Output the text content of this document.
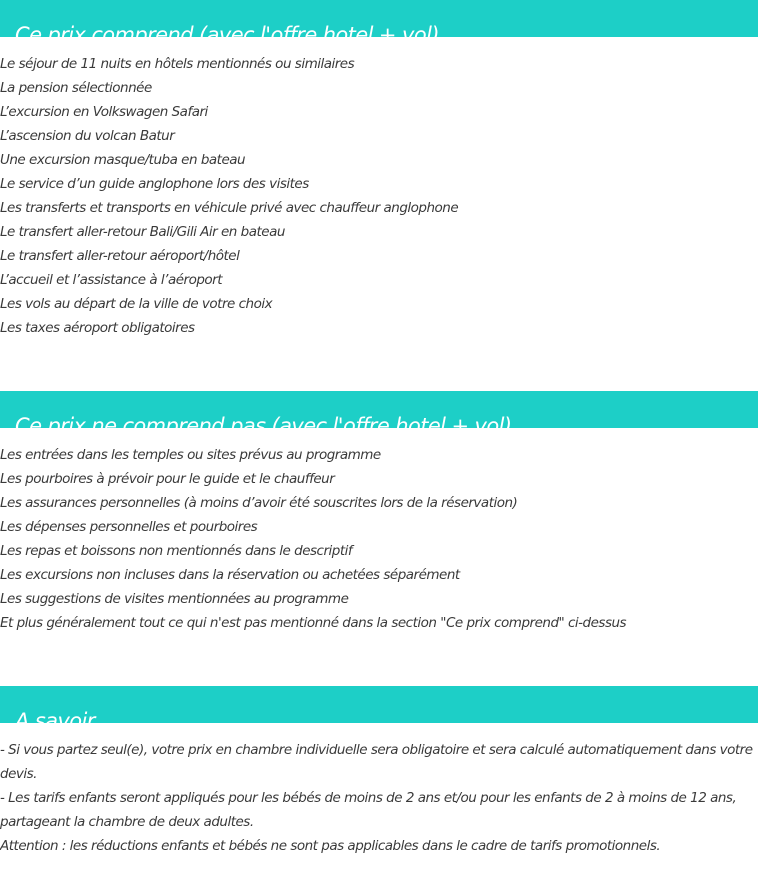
Ce prix comprend (avec l'offre hotel + vol)
Le séjour de 11 nuits en hôtels mentionnés ou similaires
La pension sélectionnée
L’excursion en Volkswagen Safari
L’ascension du volcan Batur
Une excursion masque/tuba en bateau
Le service d’un guide anglophone lors des visites
Les transferts et transports en véhicule privé avec chauffeur anglophone
Le transfert aller-retour Bali/Gili Air en bateau
Le transfert aller-retour aéroport/hôtel
L’accueil et l’assistance à l’aéroport
Les vols au départ de la ville de votre choix
Les taxes aéroport obligatoires
Ce prix ne comprend pas (avec l'offre hotel + vol)
Les entrées dans les temples ou sites prévus au programme
Les pourboires à prévoir pour le guide et le chauffeur
Les assurances personnelles (à moins d’avoir été souscrites lors de la réservation)
Les dépenses personnelles et pourboires
Les repas et boissons non mentionnés dans le descriptif
Les excursions non incluses dans la réservation ou achetées séparément
Les suggestions de visites mentionnées au programme
Et plus généralement tout ce qui n'est pas mentionné dans la section "Ce prix comprend" ci-dessus
A savoir

- Si vous partez seul(e), votre prix en chambre individuelle sera obligatoire et sera calculé automatiquement dans votre devis.

- Les tarifs enfants seront appliqués pour les bébés de moins de 2 ans et/ou pour les enfants de 2 à moins de 12 ans, partageant la chambre de deux adultes.

Attention : les réductions enfants et bébés ne sont pas applicables dans le cadre de tarifs promotionnels.
